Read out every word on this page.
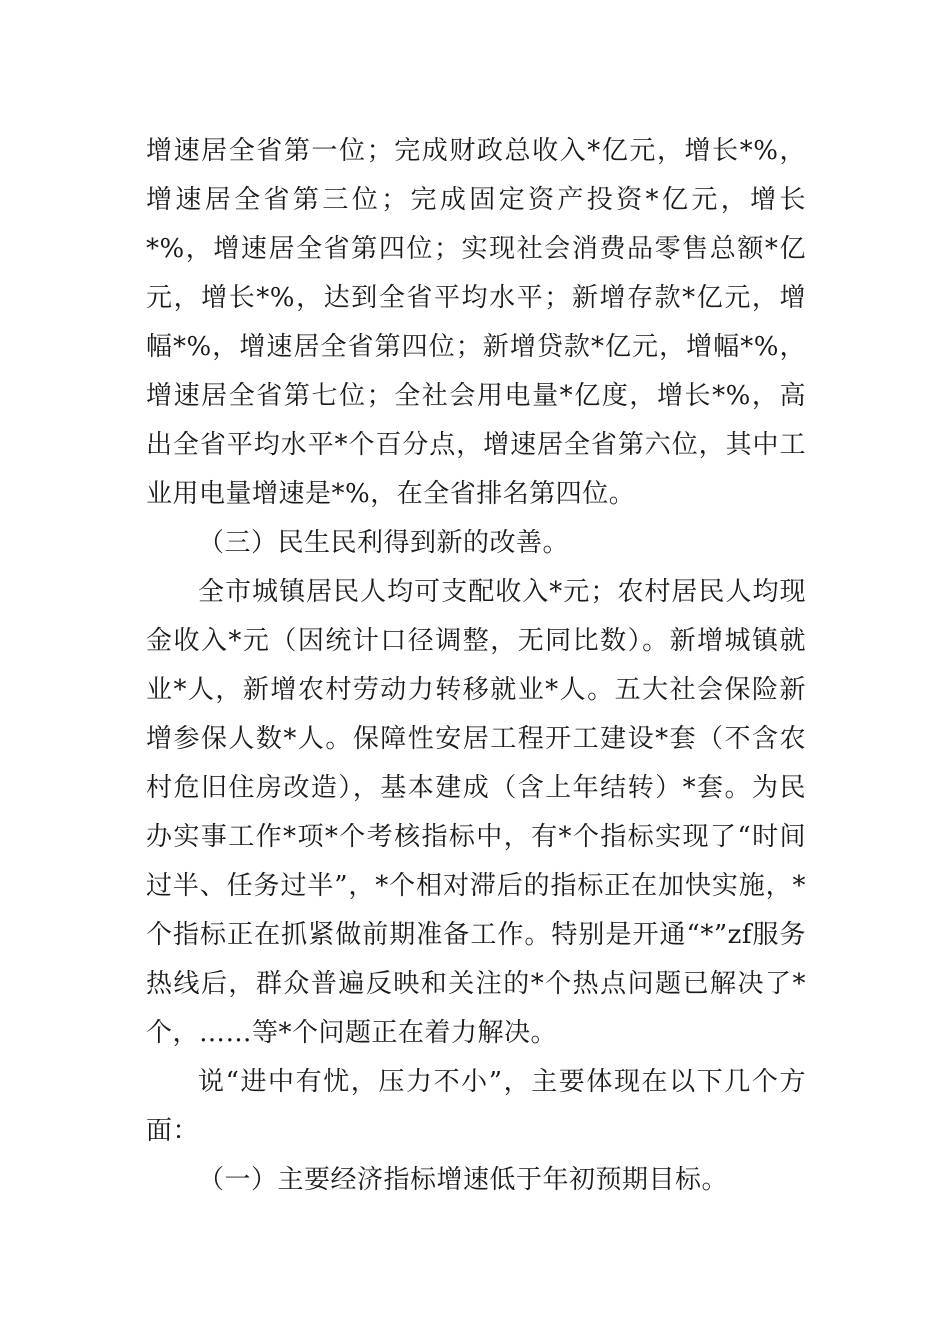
增速居全省第一位；完成财政总收入*亿元，增长*%，增速居全省第三位；完成固定资产投资*亿元，增长*%，增速居全省第四位；实现社会消费品零售总额*亿元，增长*%，达到全省平均水平；新增存款*亿元，增幅*%，增速居全省第四位；新增贷款*亿元，增幅*%，增速居全省第七位；全社会用电量*亿度，增长*%，高出全省平均水平*个百分点，增速居全省第六位，其中工业用电量增速是*%，在全省排名第四位。

（三）民生民利得到新的改善。

全市城镇居民人均可支配收入*元；农村居民人均现金收入*元（因统计口径调整，无同比数）。新增城镇就业*人，新增农村劳动力转移就业*人。五大社会保险新增参保人数*人。保障性安居工程开工建设*套（不含农村危旧住房改造），基本建成（含上年结转）*套。为民办实事工作*项*个考核指标中，有*个指标实现了“时间过半、任务过半”，*个相对滞后的指标正在加快实施，*个指标正在抓紧做前期准备工作。特别是开通“*”zf服务热线后，群众普遍反映和关注的*个热点问题已解决了*个，……等*个问题正在着力解决。

说“进中有忧，压力不小”，主要体现在以下几个方面：

（一）主要经济指标增速低于年初预期目标。
